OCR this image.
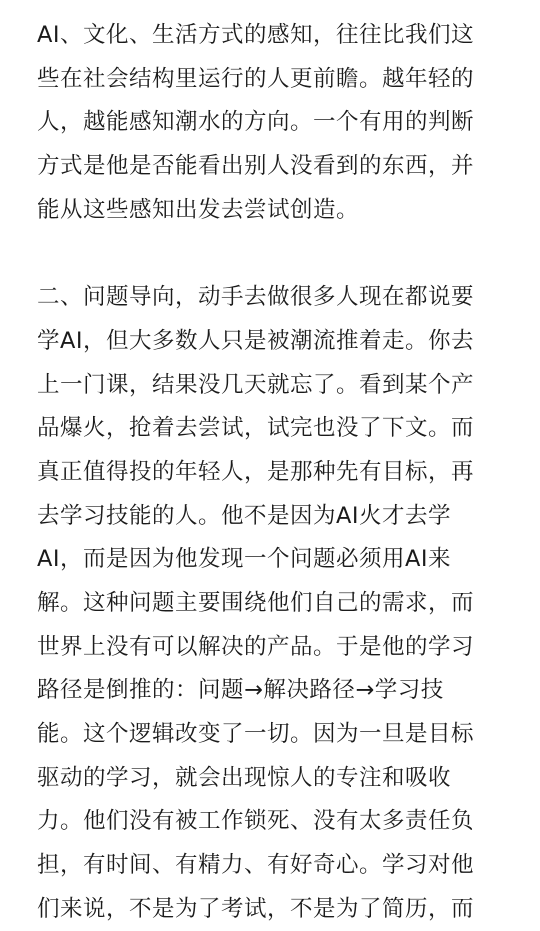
AI、文化、生活方式的感知，往往比我们这
些在社会结构里运行的人更前瞻。越年轻的
人，越能感知潮水的方向。一个有用的判断
方式是他是否能看出别人没看到的东西，并
能从这些感知出发去尝试创造。
二、问题导向，动手去做很多人现在都说要
学AI，但大多数人只是被潮流推着走。你去
上一门课，结果没几天就忘了。看到某个产
品爆火，抢着去尝试，试完也没了下文。而
真正值得投的年轻人，是那种先有目标，再
去学习技能的人。他不是因为AI火才去学
AI，而是因为他发现一个问题必须用AI来
解。这种问题主要围绕他们自己的需求，而
世界上没有可以解决的产品。于是他的学习
路径是倒推的：问题→解决路径→学习技
能。这个逻辑改变了一切。因为一旦是目标
驱动的学习，就会出现惊人的专注和吸收
力。他们没有被工作锁死、没有太多责任负
担，有时间、有精力、有好奇心。学习对他
们来说，不是为了考试，不是为了简历，而
